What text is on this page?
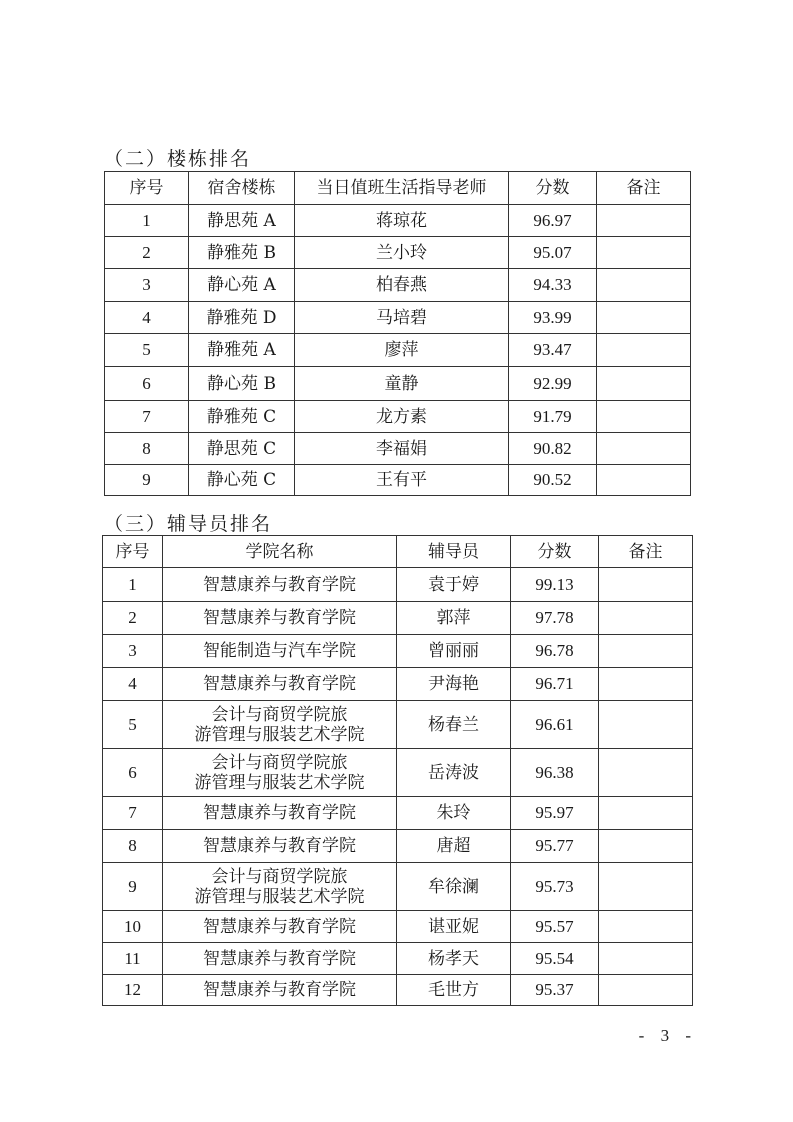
（二）楼栋排名
序号	宿舍楼栋	当日值班生活指导老师	分数	备注
1	静思苑 A	蒋琼花	96.97	
2	静雅苑 B	兰小玲	95.07	
3	静心苑 A	柏春燕	94.33	
4	静雅苑 D	马培碧	93.99	
5	静雅苑 A	廖萍	93.47	
6	静心苑 B	童静	92.99	
7	静雅苑 C	龙方素	91.79	
8	静思苑 C	李福娟	90.82	
9	静心苑 C	王有平	90.52	
（三）辅导员排名
序号	学院名称	辅导员	分数	备注
1	智慧康养与教育学院	袁于婷	99.13	
2	智慧康养与教育学院	郭萍	97.78	
3	智能制造与汽车学院	曾丽丽	96.78	
4	智慧康养与教育学院	尹海艳	96.71	
5	会计与商贸学院旅
游管理与服装艺术学院	杨春兰	96.61	
6	会计与商贸学院旅
游管理与服装艺术学院	岳涛波	96.38	
7	智慧康养与教育学院	朱玲	95.97	
8	智慧康养与教育学院	唐超	95.77	
9	会计与商贸学院旅
游管理与服装艺术学院	牟徐澜	95.73	
10	智慧康养与教育学院	谌亚妮	95.57	
11	智慧康养与教育学院	杨孝天	95.54	
12	智慧康养与教育学院	毛世方	95.37	
- 3 -
